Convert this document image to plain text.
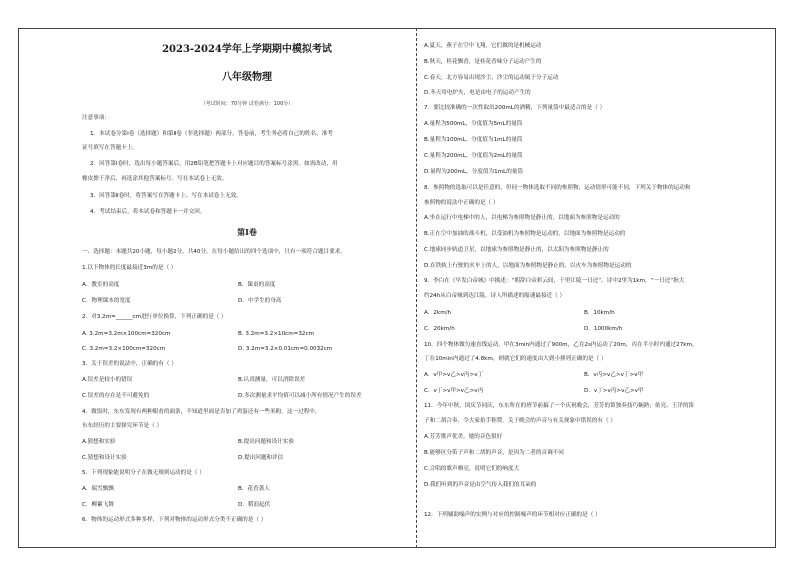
2023-2024学年上学期期中模拟考试
八年级物理
（考试时间：70分钟 试卷满分：100分）
注意事项：
1．本试卷分第Ⅰ卷（选择题）和第Ⅱ卷（非选择题）两部分。答卷前，考生务必将自己的姓名、准考
证号填写在答题卡上。
2．回答第Ⅰ卷时，选出每小题答案后，用2B铅笔把答题卡上对应题目的答案标号涂黑。如需改动，用
橡皮擦干净后，再选涂其他答案标号。写在本试卷上无效。
3．回答第Ⅱ卷时，将答案写在答题卡上。写在本试卷上无效。
4．考试结束后，将本试卷和答题卡一并交回。
第Ⅰ卷
一、选择题：本题共20小题，每小题2分，共40分。在每小题给出的四个选项中，只有一项符合题目要求。
1.以下物体的长度最接近3m的是（ ）
A．教室的高度	B．课桌的高度
C．物理课本的宽度	D．中学生的身高
2．对3.2m=______cm进行单位换算，下列正确的是（ ）
A. 3.2m=3.2m×100cm=320cm	B. 3.2m=3.2×10cm=32cm
C. 3.2m=3.2×100cm=320cm	D. 3.2m=3.2×0.01cm=0.0032cm
3．关于误差的说法中，正确的有（ ）
A.误差是较小的错误	B.认真测量，可以消除误差
C.误差的存在是不可避免的	D.多次测量求平均值可以减小所有情况产生的误差
4．做饭时，东东发现有两种眼看的面条，不知道里面是否加了鸡蛋还有一些米粉。这一过程中，
东东经历的主要探究环节是（ ）
A.猜想和实验	B.提出问题和设计实验
C.猜想和设计实验	D.提出问题和评估
5．下列现象能说明分子在做无规则运动的是（ ）
A．瑞雪飘飘	B．花香袭人
C．柳絮飞舞	D．稻浪起伏
6．物体的运动形式多种多样，下列对物体的运动形式分类不正确的是（ ）
A.夏天，燕子在空中飞翔，它们做的是机械运动
B.秋天，桂花飘香，是桂花香味分子运动产生的
C.春天，北方容易出现沙尘，沙尘的运动属于分子运动
D.冬天用电炉火，电是由电子的运动产生的
7．要比较准确的一次性取出200mL的酒精，下列量筒中最适合的是（ ）
A.量程为500mL，分度值为5mL的量筒
B.量程为100mL，分度值为1mL的量筒
C.量程为200mL，分度值为2mL的量筒
D.量程为200mL，分度值为1mL的量筒
8．参照物的选取可以是任意的，但同一物体选取不同的参照物，运动情形可能不同，下列关于物体的运动和
参照物的说法中正确的是（ ）
A.坐在运行中电梯中的人，以电梯为参照物是静止的，以地面为参照物是运动的
B.正在空中加油的战斗机，以受油机为参照物是运动的，以地面为参照物是运动的
C.地球同步轨道卫星，以地球为参照物是静止的，以太阳为参照物是静止的
D.在铁轨上行驶的火车上的人，以地面为参照物是静止的，以火车为参照物是运动的
9．李白在《早发白帝城》中描述：“朝辞白帝彩云间，千里江陵一日还”。诗中2里为1km，“一日还”指大
约24h从白帝城到达江陵。诗人所描述的船速最接近（ ）
A．2km/h	B．10km/h
C．20km/h	D．1000km/h
10．四个物体做匀速直线运动，甲在3min内通过了900m，乙在2s内运动了20m，丙在半小时内通过27km，
丁在10min内通过了4.8km，则就它们的速度由大到小排列正确的是（ ）
A．v甲>v乙>v丙>v丁	B．v丙>v乙>v丁>v甲
C．v丁>v甲>v乙>v丙	D．v丁>v丙>v乙>v甲
11．今年中秋，国庆节同庆，东东所在的班节前搞了一个庆祝晚会，芳芳的笛独奏技巧娴熟；依亮、王洋的笛
子和二胡合奏，令大家拍手称赞。关于晚会的声音与有关现象中错误的有（ ）
A.芳芳歌声优美，她的音色很好
B.能够区分笛子声和二胡的声音，是因为二者的音调不同
C.合唱的歌声嘹亮，说明它们的响度大
D.我们听到的声音是由空气传入我们的耳朵的
12．下列辅助噪声的实例与对应的控制噪声的环节相对应正确的是（ ）
